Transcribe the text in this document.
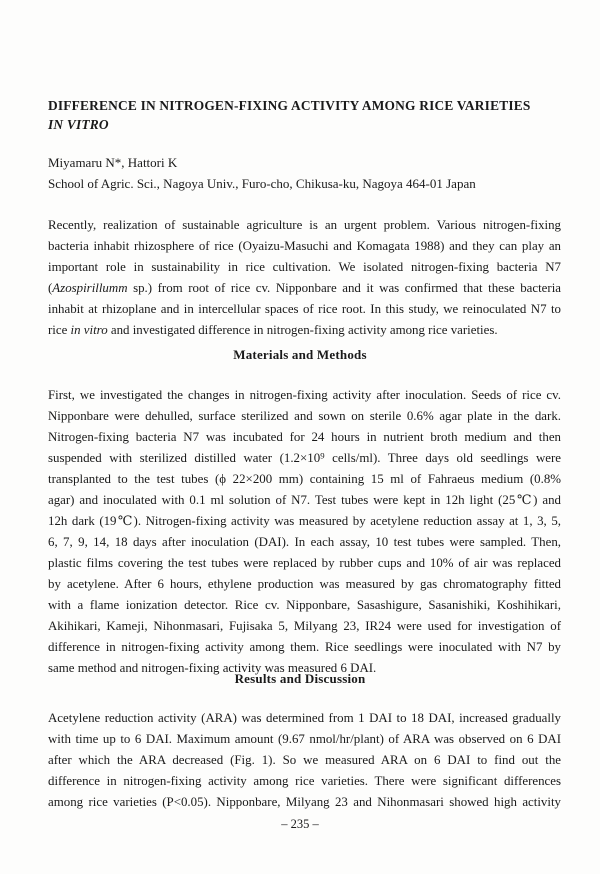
DIFFERENCE IN NITROGEN-FIXING ACTIVITY AMONG RICE VARIETIES
IN VITRO
Miyamaru N*, Hattori K
School of Agric. Sci., Nagoya Univ., Furo-cho, Chikusa-ku, Nagoya 464-01 Japan
Recently, realization of sustainable agriculture is an urgent problem. Various nitrogen-fixing
bacteria inhabit rhizosphere of rice (Oyaizu-Masuchi and Komagata 1988) and they can play an
important role in sustainability in rice cultivation. We isolated nitrogen-fixing bacteria N7
(Azospirillumm sp.) from root of rice cv. Nipponbare and it was confirmed that these bacteria
inhabit at rhizoplane and in intercellular spaces of rice root. In this study, we reinoculated N7 to
rice in vitro and investigated difference in nitrogen-fixing activity among rice varieties.
Materials and Methods
First, we investigated the changes in nitrogen-fixing activity after inoculation. Seeds of rice cv.
Nipponbare were dehulled, surface sterilized and sown on sterile 0.6% agar plate in the dark.
Nitrogen-fixing bacteria N7 was incubated for 24 hours in nutrient broth medium and then
suspended with sterilized distilled water (1.2×10⁹ cells/ml). Three days old seedlings were
transplanted to the test tubes (ϕ 22×200 mm) containing 15 ml of Fahraeus medium (0.8%
agar) and inoculated with 0.1 ml solution of N7. Test tubes were kept in 12h light (25℃) and
12h dark (19℃). Nitrogen-fixing activity was measured by acetylene reduction assay at 1, 3, 5,
6, 7, 9, 14, 18 days after inoculation (DAI). In each assay, 10 test tubes were sampled. Then,
plastic films covering the test tubes were replaced by rubber cups and 10% of air was replaced
by acetylene. After 6 hours, ethylene production was measured by gas chromatography fitted
with a flame ionization detector. Rice cv. Nipponbare, Sasashigure, Sasanishiki, Koshihikari,
Akihikari, Kameji, Nihonmasari, Fujisaka 5, Milyang 23, IR24 were used for investigation of
difference in nitrogen-fixing activity among them. Rice seedlings were inoculated with N7 by
same method and nitrogen-fixing activity was measured 6 DAI.
Results and Discussion
Acetylene reduction activity (ARA) was determined from 1 DAI to 18 DAI, increased gradually
with time up to 6 DAI. Maximum amount (9.67 nmol/hr/plant) of ARA was observed on 6 DAI
after which the ARA decreased (Fig. 1). So we measured ARA on 6 DAI to find out the
difference in nitrogen-fixing activity among rice varieties. There were significant differences
among rice varieties (P<0.05). Nipponbare, Milyang 23 and Nihonmasari showed high activity
– 235 –
